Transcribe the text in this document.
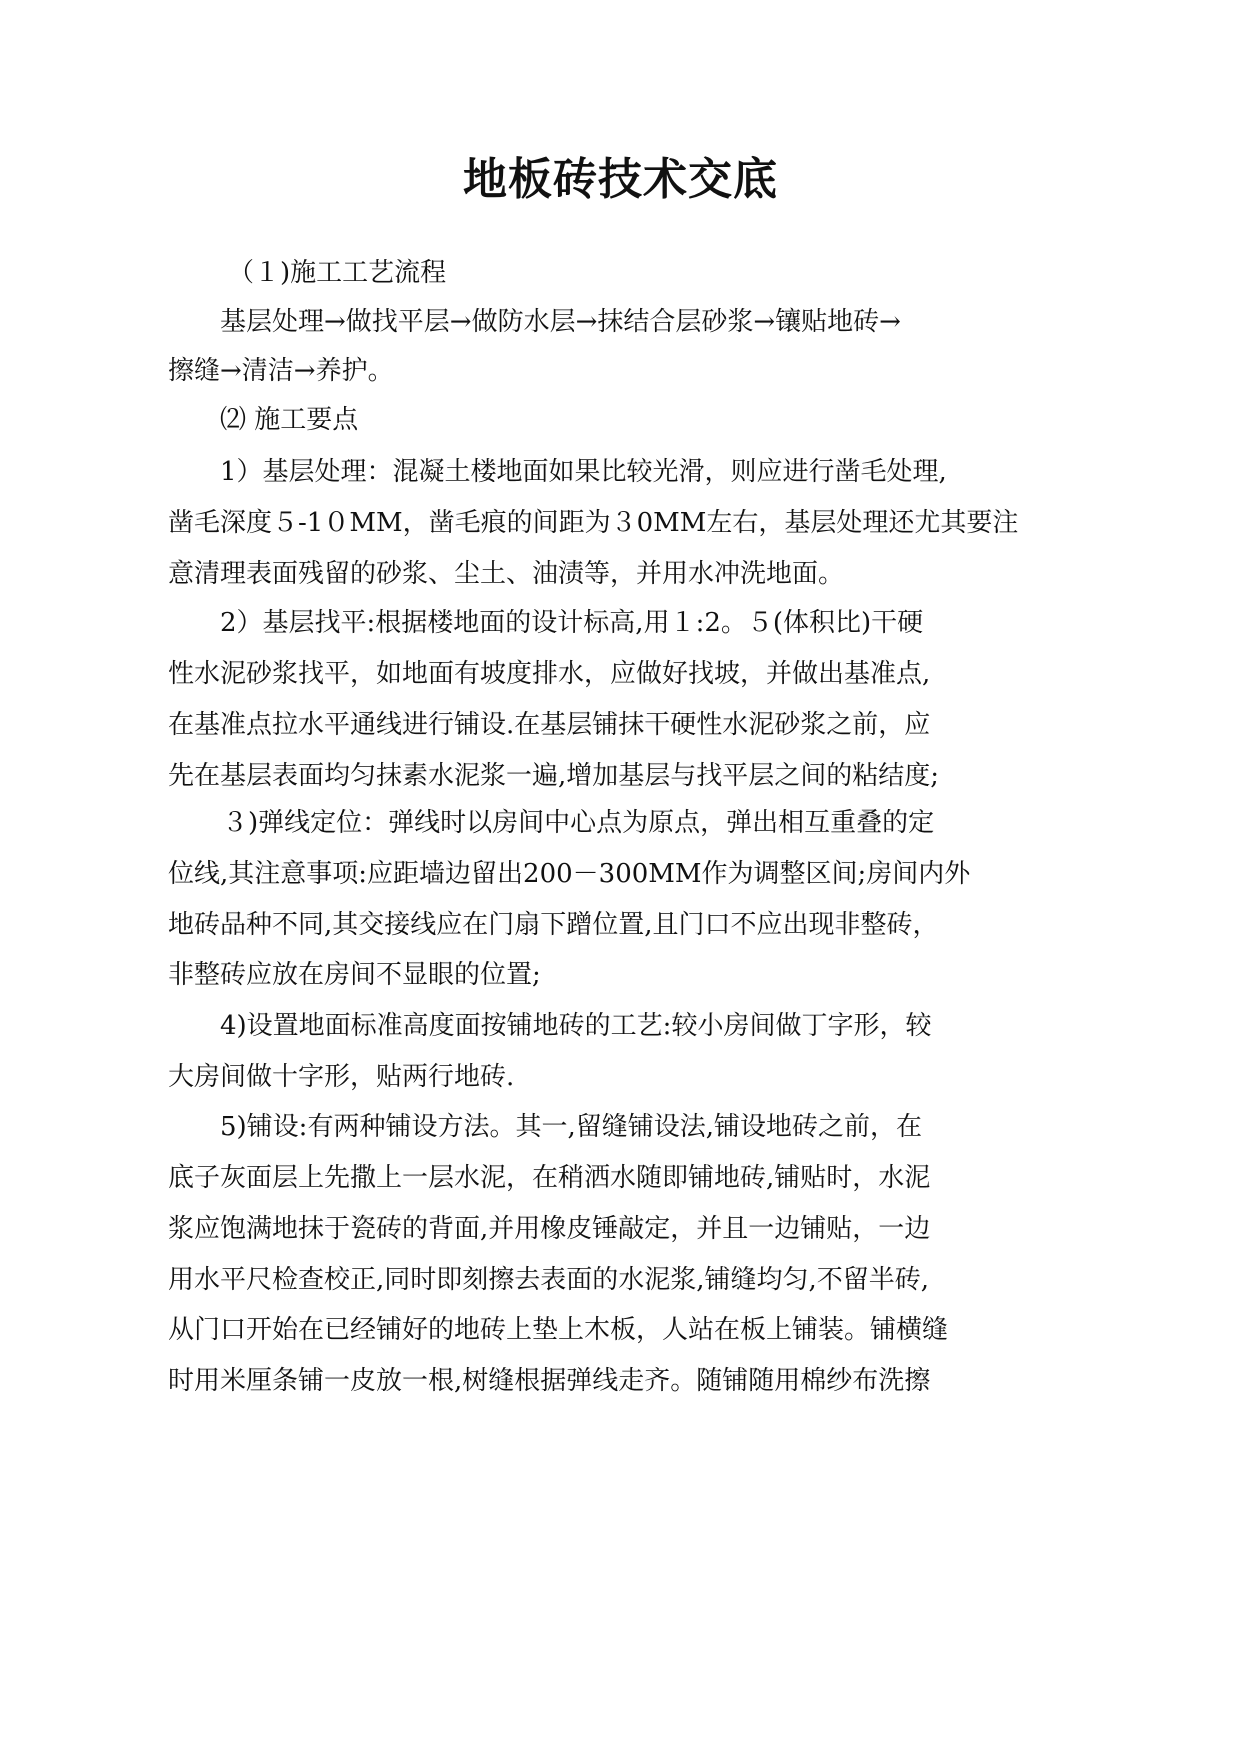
地板砖技术交底
（１)施工工艺流程
基层处理→做找平层→做防水层→抹结合层砂浆→镶贴地砖→
擦缝→清洁→养护。
⑵ 施工要点
1）基层处理：混凝土楼地面如果比较光滑，则应进行凿毛处理,
凿毛深度５-1０MM，凿毛痕的间距为３0MM左右，基层处理还尤其要注
意清理表面残留的砂浆、尘土、油渍等，并用水冲洗地面。
2）基层找平:根据楼地面的设计标高,用１:2。５(体积比)干硬
性水泥砂浆找平，如地面有坡度排水，应做好找坡，并做出基准点,
在基准点拉水平通线进行铺设.在基层铺抹干硬性水泥砂浆之前，应
先在基层表面均匀抹素水泥浆一遍,增加基层与找平层之间的粘结度;
３)弹线定位：弹线时以房间中心点为原点，弹出相互重叠的定
位线,其注意事项:应距墙边留出200－300MM作为调整区间;房间内外
地砖品种不同,其交接线应在门扇下蹭位置,且门口不应出现非整砖，
非整砖应放在房间不显眼的位置;
4)设置地面标准高度面按铺地砖的工艺:较小房间做丁字形，较
大房间做十字形，贴两行地砖.
5)铺设:有两种铺设方法。其一,留缝铺设法,铺设地砖之前，在
底子灰面层上先撒上一层水泥，在稍洒水随即铺地砖,铺贴时，水泥
浆应饱满地抹于瓷砖的背面,并用橡皮锤敲定，并且一边铺贴，一边
用水平尺检查校正,同时即刻擦去表面的水泥浆,铺缝均匀,不留半砖,
从门口开始在已经铺好的地砖上垫上木板，人站在板上铺装。铺横缝
时用米厘条铺一皮放一根,树缝根据弹线走齐。随铺随用棉纱布洗擦
